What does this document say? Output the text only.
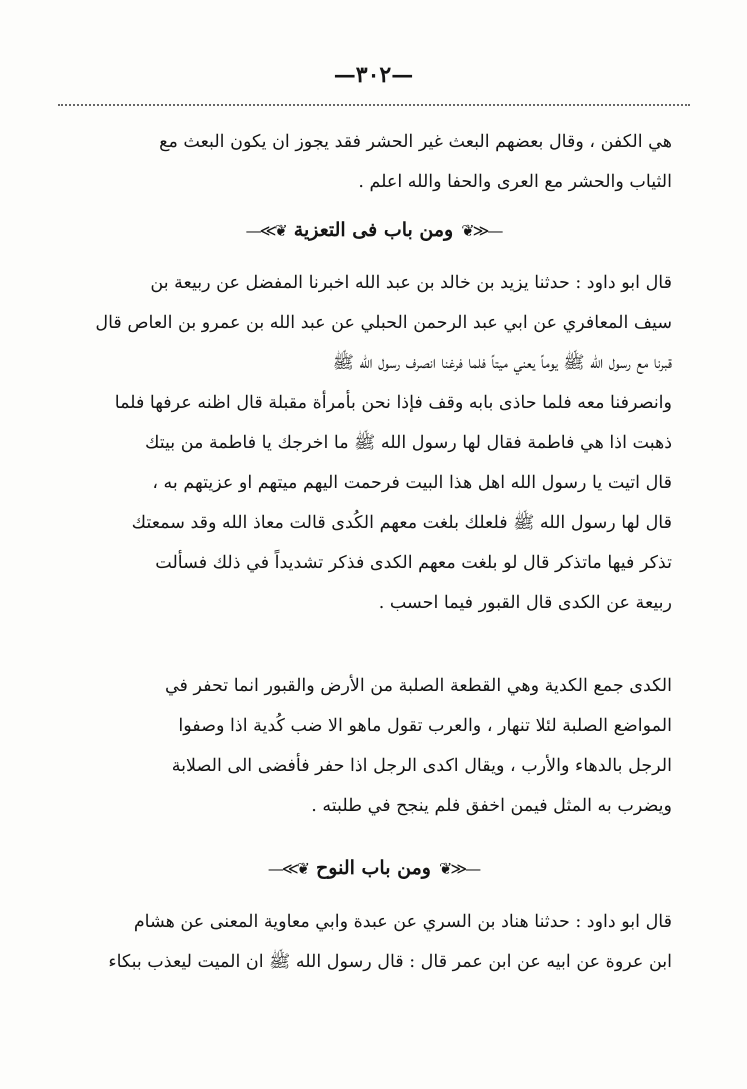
—٣٠٢—
هي الكفن ، وقال بعضهم البعث غير الحشر فقد يجوز ان يكون البعث مع
الثياب والحشر مع العرى والحفا والله اعلم .
—≪❦ومن باب فى التعزية❦≫—
قال ابو داود : حدثنا يزيد بن خالد بن عبد الله اخبرنا المفضل عن ربيعة بن
سيف المعافري عن ابي عبد الرحمن الحبلي عن عبد الله بن عمرو بن العاص قال
قبرنا مع رسول الله ﷺ يوماً يعني ميتاً فلما فرغنا انصرف رسول الله ﷺ
وانصرفنا معه فلما حاذى بابه وقف فإذا نحن بأمرأة مقبلة قال اظنه عرفها فلما
ذهبت اذا هي فاطمة فقال لها رسول الله ﷺ ما اخرجك يا فاطمة من بيتك
قال اتيت يا رسول الله اهل هذا البيت فرحمت اليهم ميتهم او عزيتهم به ،
قال لها رسول الله ﷺ فلعلك بلغت معهم الكُدى قالت معاذ الله وقد سمعتك
تذكر فيها ماتذكر قال لو بلغت معهم الكدى فذكر تشديداً في ذلك فسألت
ربيعة عن الكدى قال القبور فيما احسب .
الكدى جمع الكدية وهي القطعة الصلبة من الأرض والقبور انما تحفر في
المواضع الصلبة لئلا تنهار ، والعرب تقول ماهو الا ضب كُدية اذا وصفوا
الرجل بالدهاء والأرب ، ويقال اكدى الرجل اذا حفر فأفضى الى الصلابة
ويضرب به المثل فيمن اخفق فلم ينجح في طلبته .
—≪❦ومن باب النوح❦≫—
قال ابو داود : حدثنا هناد بن السري عن عبدة وابي معاوية المعنى عن هشام
ابن عروة عن ابيه عن ابن عمر قال : قال رسول الله ﷺ ان الميت ليعذب ببكاء
